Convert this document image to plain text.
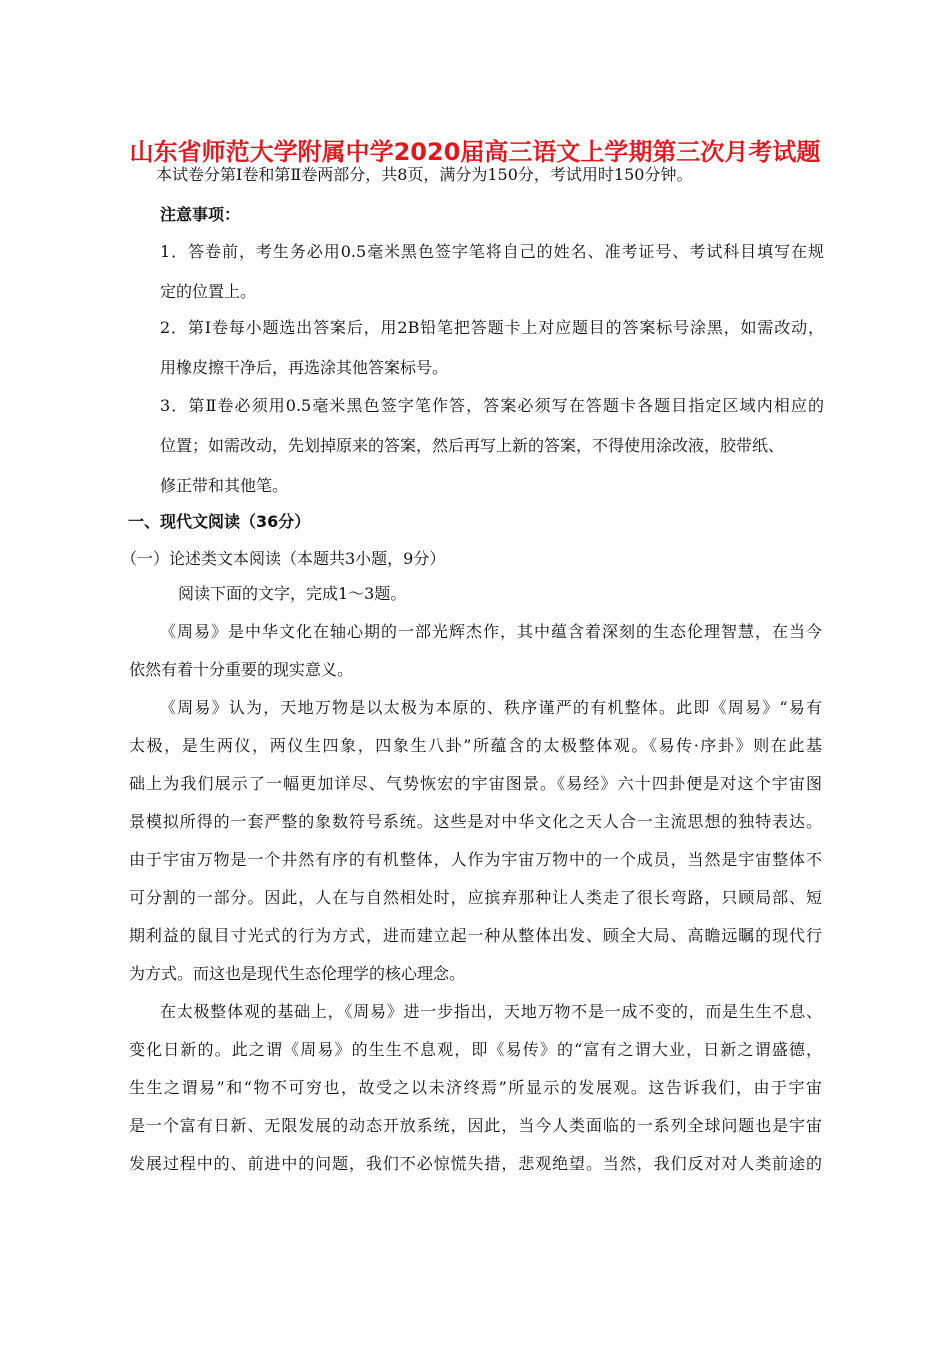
山东省师范大学附属中学2020届高三语文上学期第三次月考试题
本试卷分第Ⅰ卷和第Ⅱ卷两部分，共8页，满分为150分，考试用时150分钟。
注意事项：
1．答卷前，考生务必用0.5毫米黑色签字笔将自己的姓名、准考证号、考试科目填写在规
定的位置上。
2．第Ⅰ卷每小题选出答案后，用2B铅笔把答题卡上对应题目的答案标号涂黑，如需改动，
用橡皮擦干净后，再选涂其他答案标号。
3．第Ⅱ卷必须用0.5毫米黑色签字笔作答，答案必须写在答题卡各题目指定区域内相应的
位置；如需改动，先划掉原来的答案，然后再写上新的答案，不得使用涂改液，胶带纸、
修正带和其他笔。
一、现代文阅读（36分）
（一）论述类文本阅读（本题共3小题，9分）
阅读下面的文字，完成1～3题。
《周易》是中华文化在轴心期的一部光辉杰作，其中蕴含着深刻的生态伦理智慧，在当今
依然有着十分重要的现实意义。
《周易》认为，天地万物是以太极为本原的、秩序谨严的有机整体。此即《周易》“易有
太极，是生两仪，两仪生四象，四象生八卦”所蕴含的太极整体观。《易传·序卦》则在此基
础上为我们展示了一幅更加详尽、气势恢宏的宇宙图景。《易经》六十四卦便是对这个宇宙图
景模拟所得的一套严整的象数符号系统。这些是对中华文化之天人合一主流思想的独特表达。
由于宇宙万物是一个井然有序的有机整体，人作为宇宙万物中的一个成员，当然是宇宙整体不
可分割的一部分。因此，人在与自然相处时，应摈弃那种让人类走了很长弯路，只顾局部、短
期利益的鼠目寸光式的行为方式，进而建立起一种从整体出发、顾全大局、高瞻远瞩的现代行
为方式。而这也是现代生态伦理学的核心理念。
在太极整体观的基础上，《周易》进一步指出，天地万物不是一成不变的，而是生生不息、
变化日新的。此之谓《周易》的生生不息观，即《易传》的“富有之谓大业，日新之谓盛德，
生生之谓易”和“物不可穷也，故受之以未济终焉”所显示的发展观。这告诉我们，由于宇宙
是一个富有日新、无限发展的动态开放系统，因此，当今人类面临的一系列全球问题也是宇宙
发展过程中的、前进中的问题，我们不必惊慌失措，悲观绝望。当然，我们反对对人类前途的
